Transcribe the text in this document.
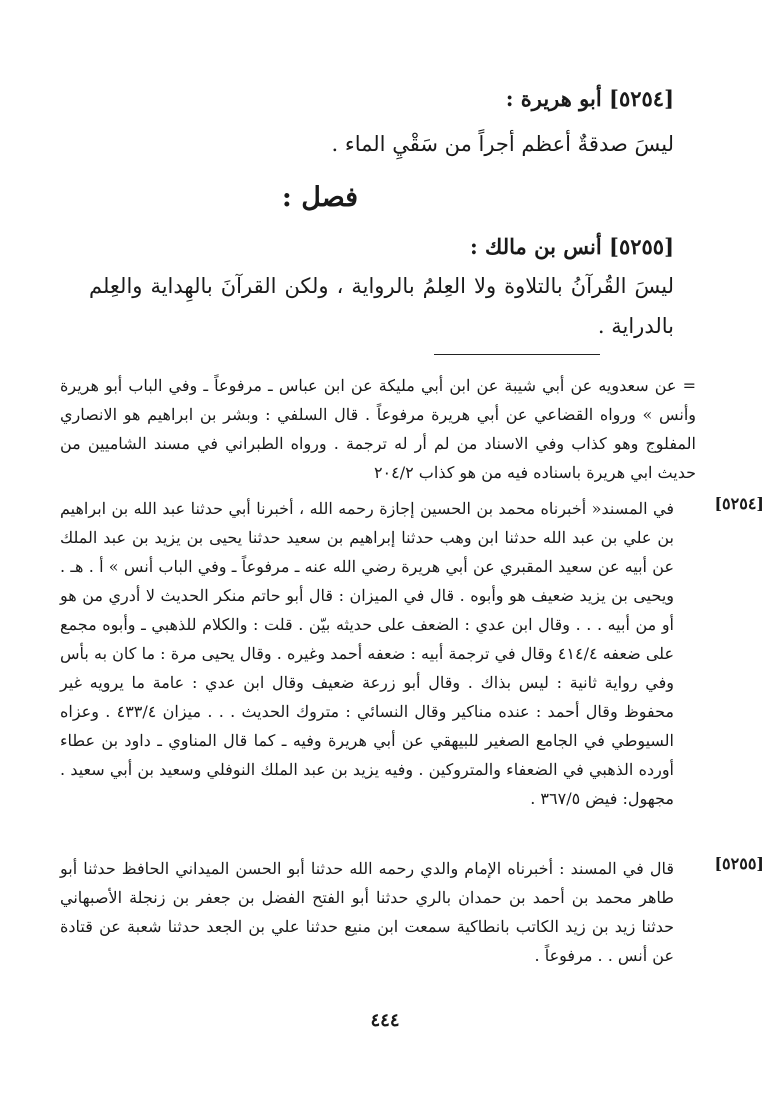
[٥٢٥٤] أبو هريرة :
ليسَ صدقةٌ أعظم أجراً من سَقْيِ الماء .
فصل :
[٥٢٥٥] أنس بن مالك :
ليسَ القُرآنُ بالتلاوة ولا العِلمُ بالرواية ، ولكن القرآنَ بالهِداية والعِلم بالدراية .
= عن سعدويه عن أبي شيبة عن ابن أبي مليكة عن ابن عباس ـ مرفوعاً ـ وفي الباب أبو هريرة وأنس » ورواه القضاعي عن أبي هريرة مرفوعاً . قال السلفي : وبشر بن ابراهيم هو الانصاري المفلوج وهو كذاب وفي الاسناد من لم أر له ترجمة . ورواه الطبراني في مسند الشاميين من حديث ابي هريرة باسناده فيه من هو كذاب ٢٠٤/٢
[٥٢٥٤]
في المسند« أخبرناه محمد بن الحسين إجازة رحمه الله ، أخبرنا أبي حدثنا عبد الله بن ابراهيم بن علي بن عبد الله حدثنا ابن وهب حدثنا إبراهيم بن سعيد حدثنا يحيى بن يزيد بن عبد الملك عن أبيه عن سعيد المقبري عن أبي هريرة رضي الله عنه ـ مرفوعاً ـ وفي الباب أنس » أ . هـ . ويحيى بن يزيد ضعيف هو وأبوه . قال في الميزان : قال أبو حاتم منكر الحديث لا أدري من هو أو من أبيه . . . وقال ابن عدي : الضعف على حديثه بيّن . قلت : والكلام للذهبي ـ وأبوه مجمع على ضعفه ٤١٤/٤ وقال في ترجمة أبيه : ضعفه أحمد وغيره . وقال يحيى مرة : ما كان به بأس وفي رواية ثانية : ليس بذاك . وقال أبو زرعة ضعيف وقال ابن عدي : عامة ما يرويه غير محفوظ وقال أحمد : عنده مناكير وقال النسائي : متروك الحديث . . . ميزان ٤٣٣/٤ . وعزاه السيوطي في الجامع الصغير للبيهقي عن أبي هريرة وفيه ـ كما قال المناوي ـ داود بن عطاء أورده الذهبي في الضعفاء والمتروكين . وفيه يزيد بن عبد الملك النوفلي وسعيد بن أبي سعيد . مجهول: فيض ٣٦٧/٥ .
[٥٢٥٥]
قال في المسند : أخبرناه الإمام والدي رحمه الله حدثنا أبو الحسن الميداني الحافظ حدثنا أبو طاهر محمد بن أحمد بن حمدان بالري حدثنا أبو الفتح الفضل بن جعفر بن زنجلة الأصبهاني حدثنا زيد بن زيد الكاتب بانطاكية سمعت ابن منيع حدثنا علي بن الجعد حدثنا شعبة عن قتادة عن أنس . . مرفوعاً .
٤٤٤
